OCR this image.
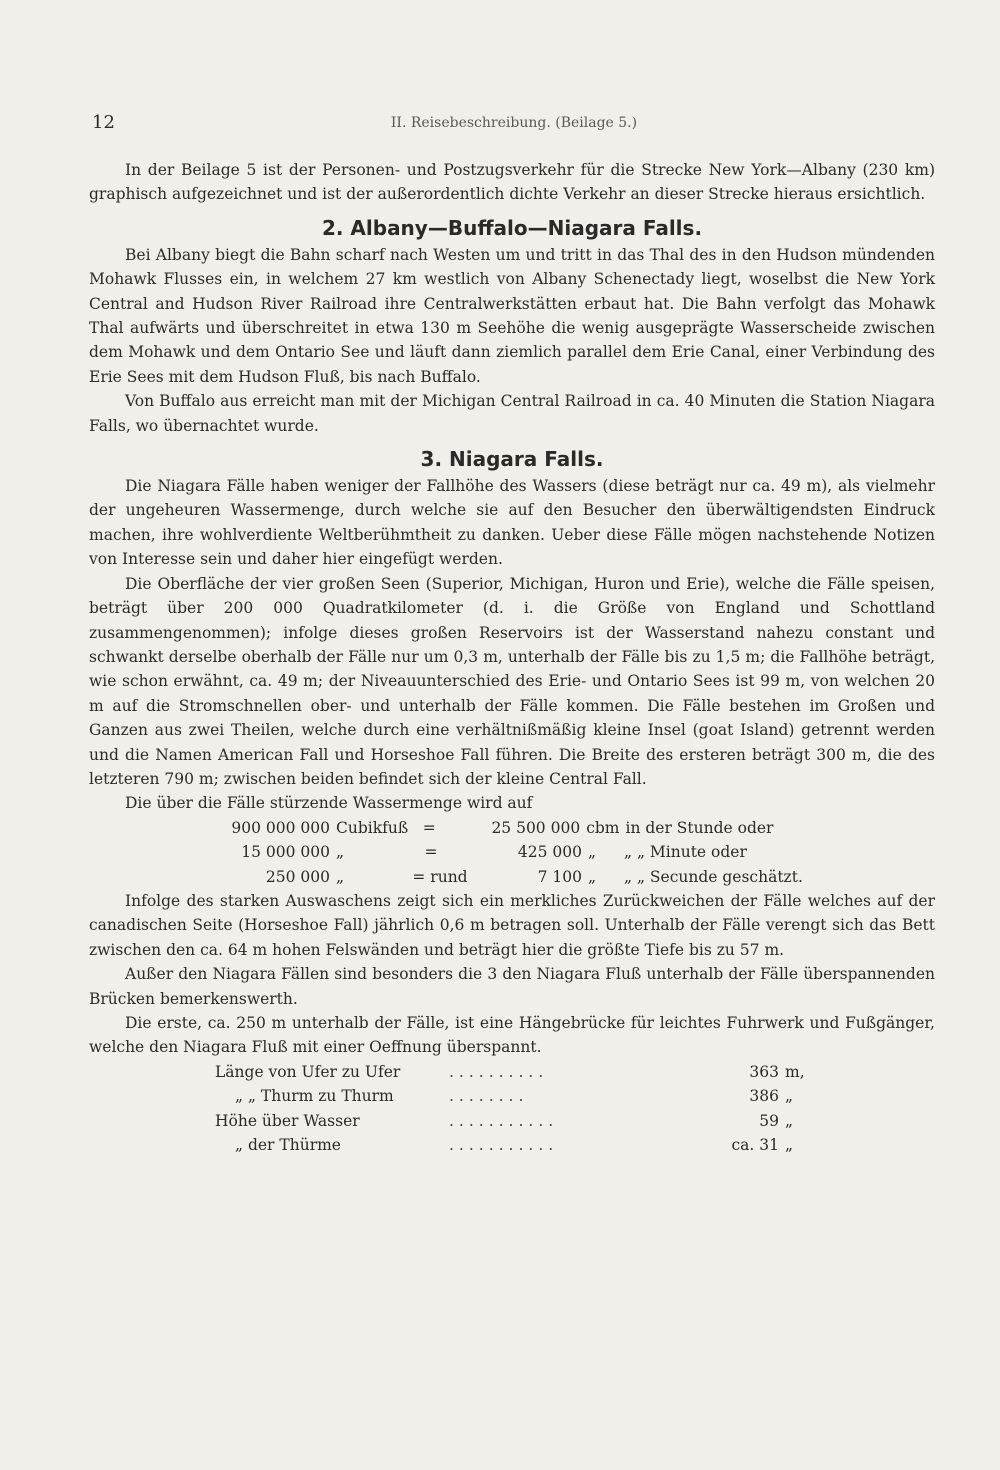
12	II. Reisebeschreibung. (Beilage 5.)

In der Beilage 5 ist der Personen- und Postzugsverkehr für die Strecke New York—Albany (230 km) graphisch aufgezeichnet und ist der außerordentlich dichte Verkehr an dieser Strecke hieraus ersichtlich.

2. Albany—Buffalo—Niagara Falls.

Bei Albany biegt die Bahn scharf nach Westen um und tritt in das Thal des in den Hudson mündenden Mohawk Flusses ein, in welchem 27 km westlich von Albany Schenectady liegt, woselbst die New York Central and Hudson River Railroad ihre Centralwerkstätten erbaut hat. Die Bahn verfolgt das Mohawk Thal aufwärts und überschreitet in etwa 130 m Seehöhe die wenig ausgeprägte Wasserscheide zwischen dem Mohawk und dem Ontario See und läuft dann ziemlich parallel dem Erie Canal, einer Verbindung des Erie Sees mit dem Hudson Fluß, bis nach Buffalo.

Von Buffalo aus erreicht man mit der Michigan Central Railroad in ca. 40 Minuten die Station Niagara Falls, wo übernachtet wurde.

3. Niagara Falls.

Die Niagara Fälle haben weniger der Fallhöhe des Wassers (diese beträgt nur ca. 49 m), als vielmehr der ungeheuren Wassermenge, durch welche sie auf den Besucher den überwältigendsten Eindruck machen, ihre wohlverdiente Weltberühmtheit zu danken. Ueber diese Fälle mögen nachstehende Notizen von Interesse sein und daher hier eingefügt werden.

Die Oberfläche der vier großen Seen (Superior, Michigan, Huron und Erie), welche die Fälle speisen, beträgt über 200 000 Quadratkilometer (d. i. die Größe von England und Schottland zusammengenommen); infolge dieses großen Reservoirs ist der Wasserstand nahezu constant und schwankt derselbe oberhalb der Fälle nur um 0,3 m, unterhalb der Fälle bis zu 1,5 m; die Fallhöhe beträgt, wie schon erwähnt, ca. 49 m; der Niveauunterschied des Erie- und Ontario Sees ist 99 m, von welchen 20 m auf die Stromschnellen ober- und unterhalb der Fälle kommen. Die Fälle bestehen im Großen und Ganzen aus zwei Theilen, welche durch eine verhältnißmäßig kleine Insel (goat Island) getrennt werden und die Namen American Fall und Horseshoe Fall führen. Die Breite des ersteren beträgt 300 m, die des letzteren 790 m; zwischen beiden befindet sich der kleine Central Fall.

Die über die Fälle stürzende Wassermenge wird auf

900 000 000 Cubikfuß =	25 500 000 cbm in der Stunde oder
15 000 000 „	=	425 000 „	„ „ Minute oder
250 000 „	= rund	7 100 „	„ „ Secunde geschätzt.

Infolge des starken Auswaschens zeigt sich ein merkliches Zurückweichen der Fälle welches auf der canadischen Seite (Horseshoe Fall) jährlich 0,6 m betragen soll. Unterhalb der Fälle verengt sich das Bett zwischen den ca. 64 m hohen Felswänden und beträgt hier die größte Tiefe bis zu 57 m.

Außer den Niagara Fällen sind besonders die 3 den Niagara Fluß unterhalb der Fälle überspannenden Brücken bemerkenswerth.

Die erste, ca. 250 m unterhalb der Fälle, ist eine Hängebrücke für leichtes Fuhrwerk und Fußgänger, welche den Niagara Fluß mit einer Oeffnung überspannt.

Länge von Ufer zu Ufer	..........	363 m,
„ „ Thurm zu Thurm	........	386 „
Höhe über Wasser	...........	59 „
„ der Thürme	...........	ca. 31 „
